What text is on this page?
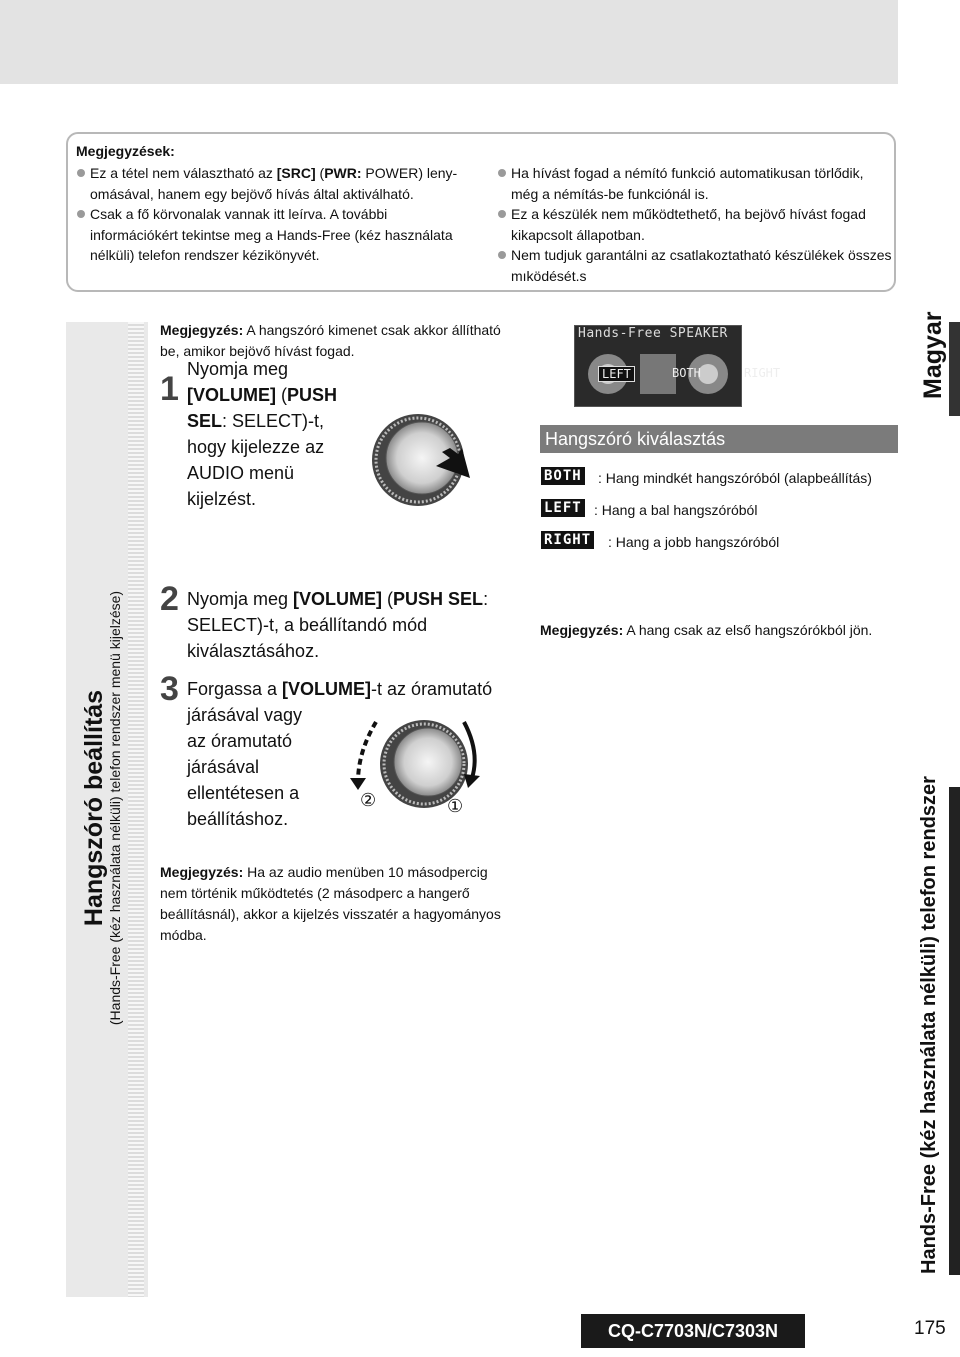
Megjegyzések:
Ez a tétel nem választható az [SRC] (PWR: POWER) leny-
omásával, hanem egy bejövő hívás által aktiválható.
Csak a fő körvonalak vannak itt leírva. A további
információkért tekintse meg a Hands-Free (kéz használata
nélküli) telefon rendszer kézikönyvét.
Ha hívást fogad a némító funkció automatikusan törlődik,
még a némítás-be funkciónál is.
Ez a készülék nem működtethető, ha bejövő hívást fogad
kikapcsolt állapotban.
Nem tudjuk garantálni az csatlakoztatható készülékek összes
mıködését.s
Hangszóró beállítás (Hands-Free (kéz használata nélküli) telefon rendszer menü kijelzése)
Magyar
Hands-Free (kéz használata nélküli) telefon rendszer
Megjegyzés: A hangszóró kimenet csak akkor állítható
be, amikor bejövő hívást fogad.
1
Nyomja meg
[VOLUME] (PUSH
SEL: SELECT)-t,
hogy kijelezze az
AUDIO menü
kijelzést.
2 Nyomja meg [VOLUME] (PUSH SEL:
SELECT)-t, a beállítandó mód
kiválasztásához.
3 Forgassa a [VOLUME]-t az óramutató
járásával vagy
az óramutató
járásával
ellentétesen a
beállításhoz.
②	①
Megjegyzés: Ha az audio menüben 10 másodpercig
nem történik működtetés (2 másodperc a hangerő
beállításnál), akkor a kijelzés visszatér a hagyományos
módba.
Hands-Free SPEAKER
LEFT	BOTH	RIGHT
Hangszóró kiválasztás
BOTH : Hang mindkét hangszóróból (alapbeállítás)
LEFT : Hang a bal hangszóróból
RIGHT : Hang a jobb hangszóróból
Megjegyzés: A hang csak az első hangszórókból jön.
CQ-C7703N/C7303N	175
